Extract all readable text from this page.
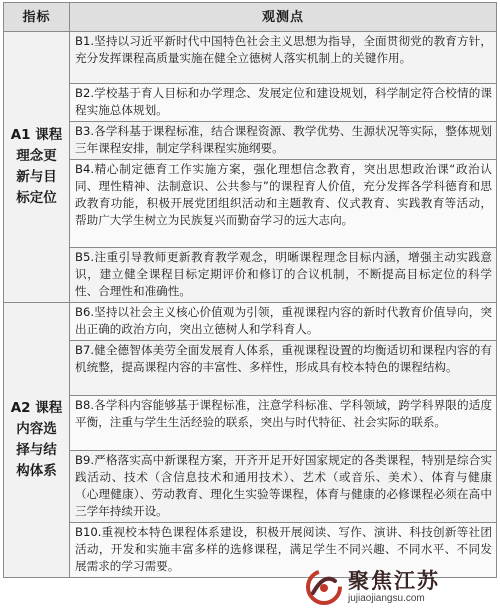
指标	观测点

A1 课程
理念更
新与目
标定位	B1.坚持以习近平新时代中国特色社会主义思想为指导，全面贯彻党的教育方针，充分发挥课程高质量实施在健全立德树人落实机制上的关键作用。
	B2.学校基于育人目标和办学理念、发展定位和建设规划，科学制定符合校情的课程实施总体规划。
	B3.各学科基于课程标准，结合课程资源、教学优势、生源状况等实际，整体规划三年课程安排，制定学科课程实施纲要。
	B4.精心制定德育工作实施方案，强化理想信念教育，突出思想政治课“政治认同、理性精神、法制意识、公共参与”的课程育人价值，充分发挥各学科德育和思政教育功能，积极开展党团组织活动和主题教育、仪式教育、实践教育等活动，帮助广大学生树立为民族复兴而勤奋学习的远大志向。
	B5.注重引导教师更新教育教学观念，明晰课程理念目标内涵，增强主动实践意识，建立健全课程目标定期评价和修订的合议机制，不断提高目标定位的科学性、合理性和准确性。

A2 课程
内容选
择与结
构体系	B6.坚持以社会主义核心价值观为引领，重视课程内容的新时代教育价值导向，突出正确的政治方向，突出立德树人和学科育人。
	B7.健全德智体美劳全面发展育人体系，重视课程设置的均衡适切和课程内容的有机统整，提高课程内容的丰富性、多样性，形成具有校本特色的课程结构。
	B8.各学科内容能够基于课程标准，注意学科标准、学科领域，跨学科界限的适度平衡，注重与学生生活经验的联系，突出与时代特征、社会实际的联系。
	B9.严格落实高中新课程方案，开齐开足开好国家规定的各类课程，特别是综合实践活动、技术（含信息技术和通用技术）、艺术（或音乐、美术）、体育与健康（心理健康）、劳动教育、理化生实验等课程，体育与健康的必修课程必须在高中三学年持续开设。
	B10.重视校本特色课程体系建设，积极开展阅读、写作、演讲、科技创新等社团活动，开发和实施丰富多样的选修课程，满足学生不同兴趣、不同水平、不同发展需求的学习需要。
聚焦江苏
jujiaojiangsu.com
